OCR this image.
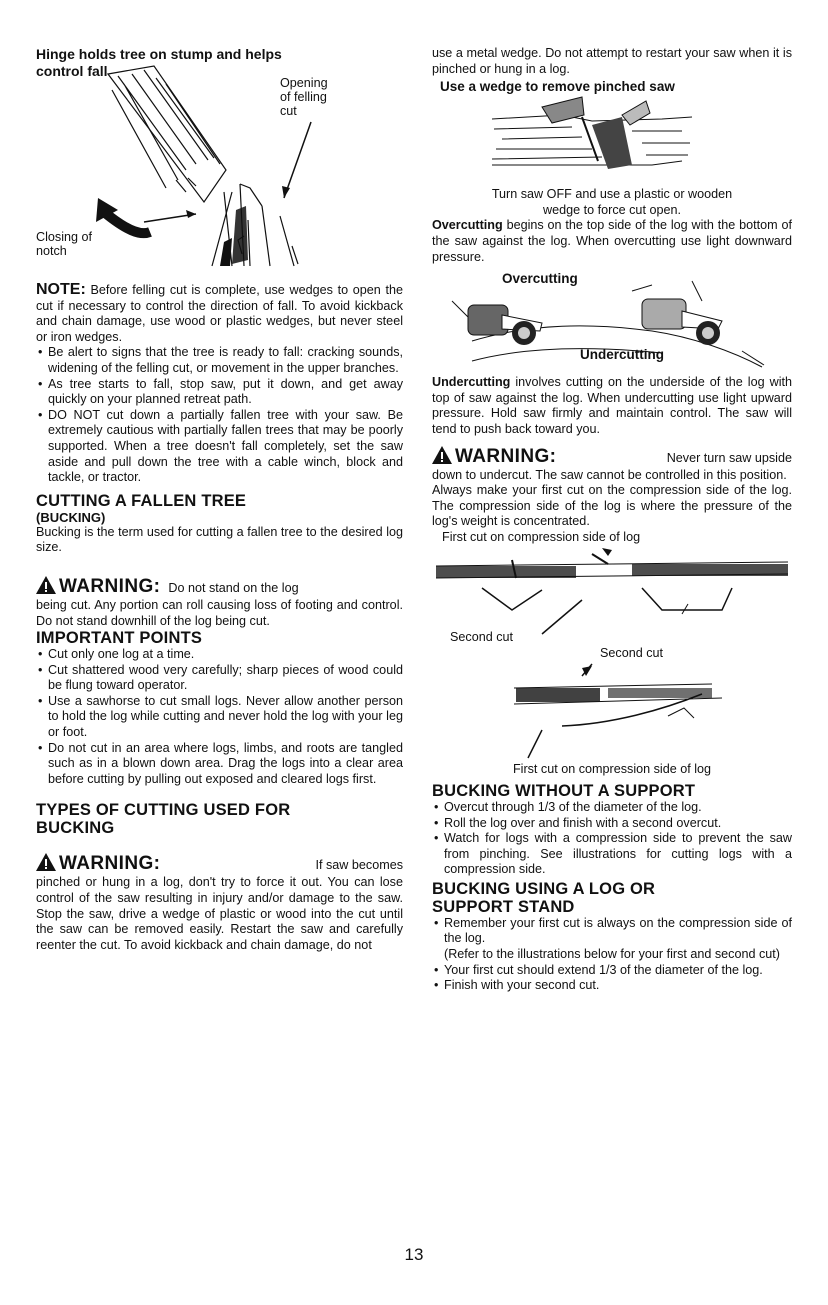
Hinge holds tree on stump and helps
control fall
Opening
of felling
cut
Closing of
notch

NOTE: Before felling cut is complete, use wedges to open the cut if necessary to control the direction of fall. To avoid kickback and chain damage, use wood or plastic wedges, but never steel or iron wedges.

• Be alert to signs that the tree is ready to fall: cracking sounds, widening of the felling cut, or movement in the upper branches.
• As tree starts to fall, stop saw, put it down, and get away quickly on your planned retreat path.
• DO NOT cut down a partially fallen tree with your saw. Be extremely cautious with partially fallen trees that may be poorly supported. When a tree doesn't fall completely, set the saw aside and pull down the tree with a cable winch, block and tackle, or tractor.
CUTTING A FALLEN TREE
(BUCKING)

Bucking is the term used for cutting a fallen tree to the desired log size.

WARNING: Do not stand on the log

being cut. Any portion can roll causing loss of footing and control. Do not stand downhill of the log being cut.

IMPORTANT POINTS
• Cut only one log at a time.
• Cut shattered wood very carefully; sharp pieces of wood could be flung toward operator.
• Use a sawhorse to cut small logs. Never allow another person to hold the log while cutting and never hold the log with your leg or foot.
• Do not cut in an area where logs, limbs, and roots are tangled such as in a blown down area. Drag the logs into a clear area before cutting by pulling out exposed and cleared logs first.
TYPES OF CUTTING USED FOR
BUCKING
WARNING:	If saw becomes

pinched or hung in a log, don't try to force it out. You can lose control of the saw resulting in injury and/or damage to the saw. Stop the saw, drive a wedge of plastic or wood into the cut until the saw can be removed easily. Restart the saw and carefully reenter the cut. To avoid kickback and chain damage, do not

use a metal wedge. Do not attempt to restart your saw when it is pinched or hung in a log.

Use a wedge to remove pinched saw
Turn saw OFF and use a plastic or wooden wedge to force cut open.

Overcutting begins on the top side of the log with the bottom of the saw against the log. When overcutting use light downward pressure.

Overcutting
Undercutting

Undercutting involves cutting on the underside of the log with top of saw against the log. When undercutting use light upward pressure. Hold saw firmly and maintain control. The saw will tend to push back toward you.

WARNING:	Never turn saw upside

down to undercut. The saw cannot be controlled in this position.

Always make your first cut on the compression side of the log. The compression side of the log is where the pressure of the log's weight is concentrated.

First cut on compression side of log
Second cut
Second cut
First cut on compression side of log
BUCKING WITHOUT A SUPPORT
• Overcut through 1/3 of the diameter of the log.
• Roll the log over and finish with a second overcut.
• Watch for logs with a compression side to prevent the saw from pinching. See illustrations for cutting logs with a compression side.
BUCKING USING A LOG OR
SUPPORT STAND
• Remember your first cut is always on the compression side of the log.
(Refer to the illustrations below for your first and second cut)
• Your first cut should extend 1/3 of the diameter of the log.
• Finish with your second cut.
13
